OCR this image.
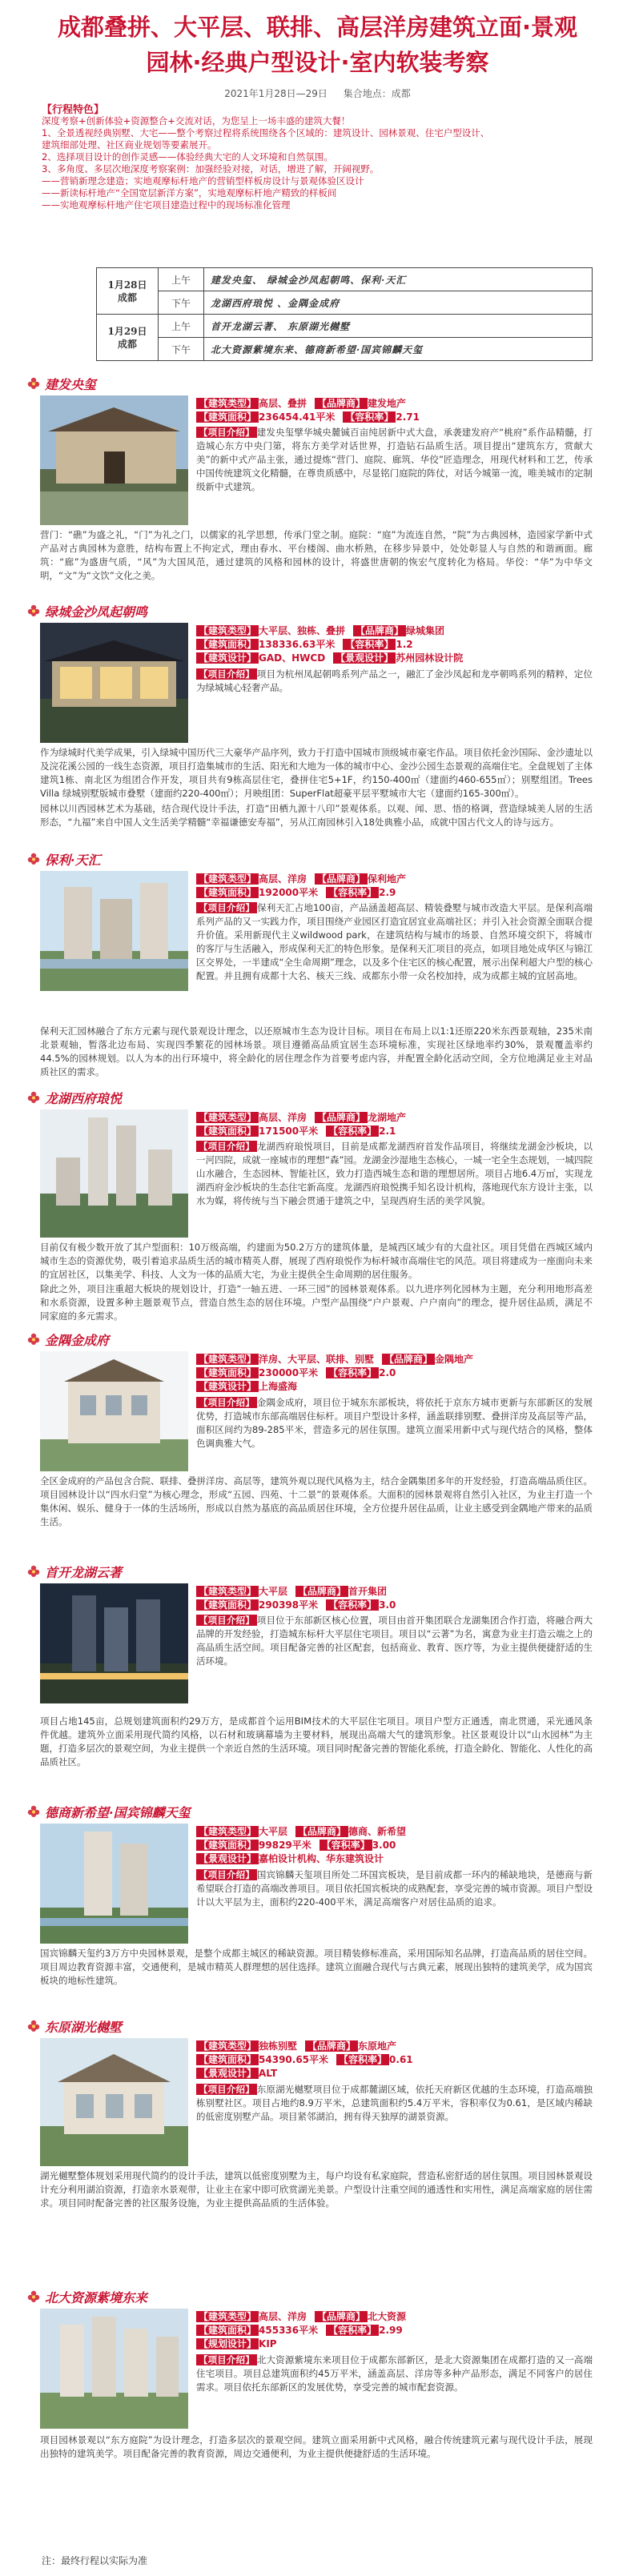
成都叠拼、大平层、联排、高层洋房建筑立面·景观
园林·经典户型设计·室内软装考察
2021年1月28日—29日 集合地点：成都
【行程特色】
深度考察+创新体验+资源整合+交流对话，为您呈上一场丰盛的建筑大餐！
1、全景透视经典别墅、大宅——整个考察过程将系统围绕各个区域的：建筑设计、园林景观、住宅户型设计、
建筑细部处理、社区商业规划等要素展开。
2、选择项目设计的创作灵感——体验经典大宅的人文环境和自然氛围。
3、多角度、多层次地深度考察案例：加强经验对接，对话，增进了解，开阔视野。
——营销新理念建造；实地观摩标杆地产的营销型样板房设计与景观体验区设计
——新读标杆地产“全国宽层新洋方案”，实地观摩标杆地产精致的样板间
——实地观摩标杆地产住宅项目建造过程中的现场标准化管理
1月28日
成都	上午	建发央玺、 绿城金沙凤起朝鸣、保利·天汇
	下午	龙湖西府琅悦 、金隅金成府
1月29日
成都	上午	首开龙湖云著、 东原湖光樾墅
	下午	北大资源紫境东来、德商新希望·国宾锦麟天玺
建发央玺
【建筑类型】 高层、叠拼 【品牌商】 建发地产
【建筑面积】 236454.41平米 【容积率】 2.71
【项目介绍】 建发央玺擘华城央麓铖百亩纯居新中式大盘，承袭建发府产“桃府”系作品精髓，打造城心东方中央门第，将东方美学对话世界，打造钻石品质生活。项目提出“建筑东方，赏献大美”的新中式产品主张，通过提炼“营门、庭院、廊筑、华佼”匠造理念，用现代材料和工艺，传承中国传统建筑文化精髓，在尊贵质感中，尽显铭门庭院的阵仗，对话今城第一流，唯美城市的定制级新中式建筑。
营门：“礁”为盛之礼，“门”为礼之门，以儒家的礼学思想，传承门堂之制。庭院：“庭”为流连自然，“院”为古典园林，造园家学新中式产品对古典园林为意胜，结构布置上不拘定式，理由春水、平台楼阁、曲水桥熟，在移步异景中，处处彰显人与自然的和谐画面。廊筑：“廊”为盛唐气质，“风”为大国风范，通过建筑的风格和园林的设计，将盛世唐朝的恢宏气度转化为格局。华佼：“华”为中华文明，“文”为“文饮”文化之美。
绿城金沙凤起朝鸣
【建筑类型】 大平层、独栋、叠拼 【品牌商】 绿城集团
【建筑面积】 138336.63平米 【容积率】 1.2
【建筑设计】 GAD、HWCD 【景观设计】 苏州园林设计院
【项目介绍】 项目为杭州凤起朝鸣系列产品之一，融汇了金沙凤起和龙亭朝鸣系列的精粹，定位为绿城城心轻奢产品。
作为绿城时代美学成果，引入绿城中国历代三大豪华产品序列，致力于打造中国城市顶级城市豪宅作品。项目依托金沙国际、金沙遗址以及浣花溪公园的一线生态资源，项目打造集城市的生活、阳光和大地为一体的城市中心、金沙公园生态景观的高端住宅。全盘规划了主体建筑1栋、南北区为组团合作开发，项目共有9栋高层住宅，叠拼住宅5+1F，约150-400㎡（建面约460-655㎡）；别墅组团。Trees Villa 绿城别墅版城市叠墅（建面约220-400㎡）；月映组团：SuperFlat超豪平层平墅城市大宅（建面约165-300㎡）。
园林以川西园林艺术为基础，结合现代设计手法，打造“田栖九源十八印”景观体系。以观、闻、思、悟的格调，营造绿城美人居的生活形态，“九福”来自中国人文生活美学精髓“幸福谦德安寿福”，另从江南园林引入18处典雅小品，成就中国古代文人的诗与远方。
保利·天汇
【建筑类型】 高层、洋房 【品牌商】 保利地产
【建筑面积】 192000平米 【容积率】 2.9
【项目介绍】 保利天汇占地100亩，产品涵盖超高层、精装叠墅与城市改造大平层。是保利高端系列产品的又一实践力作，项目围绕产业园区打造宜居宜业高端社区；并引入社会资源全面联合提升价值。采用新现代主义wildwood park，在建筑结构与城市的场景、自然环境交织下，将城市的客厅与生活融入，形成保利天汇的特色形象。是保利天汇项目的亮点，如项目地处成华区与锦江区交界处，一半建成“全生命周期”理念，以及多个住宅区的核心配置，展示出保利超大户型的核心配置。并且拥有成都十大名、核天三线、成都东小带一众名校加持，成为成都主城的宜居高地。
保利天汇园林融合了东方元素与现代景观设计理念，以还原城市生态为设计目标。项目在布局上以1:1还原220米东西景观轴，235米南北景观轴，暂落北边布局、实现四季繁花的园林场景。项目遵循高品质宜居生态环境标准，实现社区绿地率约30%，景观覆盖率约44.5%的园林规划。以人为本的出行环境中，将全龄化的居住理念作为首要考虑内容，并配置全龄化活动空间，全方位地满足业主对品质社区的需求。
龙湖西府琅悦
【建筑类型】 高层、洋房 【品牌商】 龙湖地产
【建筑面积】 171500平米 【容积率】 2.1
【项目介绍】 龙湖西府琅悦项目，目前是成都龙湖西府首发作品项目，将继续龙湖金沙板块，以一河四院，成就一座城市的理想“森”园。龙湖金沙湿地生态核心，一城一宅全生态规划，一城四院山水融合，生态园林、智能社区，致力打造西城生态和谐的理想居所。项目占地6.4万㎡，实现龙湖西府金沙板块的生态住宅新高度。龙湖西府琅悦携手知名设计机构，落地现代东方设计主张，以水为媒，将传统与当下融会贯通于建筑之中，呈现西府生活的美学风貌。
目前仅有极少数开放了其户型面积：10万级高端，约建面为50.2万方的建筑体量，是城西区域少有的大盘社区。项目凭借在西城区域内城市生态的资源优势，吸引着追求品质生活的城市精英人群，展现了西府琅悦作为标杆城市高端住宅的风范。项目将建成为一座面向未来的宜居社区，以集美学、科技、人文为一体的品质大宅，为业主提供全生命周期的居住服务。
除此之外，项目注重超大板块的规划设计，打造“一轴五进、一环三园”的园林景观体系。以九进序列化园林为主题，充分利用地形高差和水系资源，设置多种主题景观节点，营造自然生态的居住环境。户型产品围绕“户户景观、户户南向”的理念，提升居住品质，满足不同家庭的多元需求。
金隅金成府
【建筑类型】 洋房、大平层、联排、别墅 【品牌商】 金隅地产
【建筑面积】 230000平米 【容积率】 2.0
【建筑设计】 上海盛海
【项目介绍】 金隅金成府，项目位于城东东部板块，将依托于京东方城市更新与东部新区的发展优势，打造城市东部高端居住标杆。项目户型设计多样，涵盖联排别墅、叠拼洋房及高层等产品，面积区间约为89-285平米，营造多元的居住氛围。建筑立面采用新中式与现代结合的风格，整体色调典雅大气。
全区金成府的产品包含合院、联排、叠拼洋房、高层等，建筑外观以现代风格为主，结合金隅集团多年的开发经验，打造高端品质住区。项目园林设计以“四水归堂”为核心理念，形成“五园、四苑、十二景”的景观体系。大面积的园林景观将自然引入社区，为业主打造一个集休闲、娱乐、健身于一体的生活场所，形成以自然为基底的高品质居住环境，全方位提升居住品质，让业主感受到金隅地产带来的品质生活。
首开龙湖云著
【建筑类型】 大平层 【品牌商】 首开集团
【建筑面积】 290398平米 【容积率】 3.0
【项目介绍】 项目位于东部新区核心位置，项目由首开集团联合龙湖集团合作打造，将融合两大品牌的开发经验，打造城东标杆大平层住宅项目。项目以“云著”为名，寓意为业主打造云端之上的高品质生活空间。项目配备完善的社区配套，包括商业、教育、医疗等，为业主提供便捷舒适的生活环境。
项目占地145亩，总规划建筑面积约29万方，是成都首个运用BIM技术的大平层住宅项目。项目户型方正通透，南北贯通，采光通风条件优越。建筑外立面采用现代简约风格，以石材和玻璃幕墙为主要材料，展现出高端大气的建筑形象。社区景观设计以“山水园林”为主题，打造多层次的景观空间，为业主提供一个亲近自然的生活环境。项目同时配备完善的智能化系统，打造全龄化、智能化、人性化的高品质社区。
德商新希望·国宾锦麟天玺
【建筑类型】 大平层 【品牌商】 德商、新希望
【建筑面积】 99829平米 【容积率】 3.00
【景观设计】 嘉柏设计机构、华东建筑设计
【项目介绍】 国宾锦麟天玺项目所处二环国宾板块，是目前成都一环内的稀缺地块，是德商与新希望联合打造的高端改善项目。项目依托国宾板块的成熟配套，享受完善的城市资源。项目户型设计以大平层为主，面积约220-400平米，满足高端客户对居住品质的追求。
国宾锦麟天玺约3万方中央园林景观，是整个成都主城区的稀缺资源。项目精装修标准高，采用国际知名品牌，打造高品质的居住空间。项目周边教育资源丰富，交通便利，是城市精英人群理想的居住选择。建筑立面融合现代与古典元素，展现出独特的建筑美学，成为国宾板块的地标性建筑。
东原湖光樾墅
【建筑类型】 独栋别墅 【品牌商】 东原地产
【建筑面积】 54390.65平米 【容积率】 0.61
【景观设计】 ALT
【项目介绍】 东原湖光樾墅项目位于成都麓湖区域，依托天府新区优越的生态环境，打造高端独栋别墅社区。项目占地约8.9万平米，总建筑面积约5.4万平米，容积率仅为0.61，是区域内稀缺的低密度别墅产品。项目紧邻湖泊，拥有得天独厚的湖景资源。
湖光樾墅整体规划采用现代简约的设计手法，建筑以低密度别墅为主，每户均设有私家庭院，营造私密舒适的居住氛围。项目园林景观设计充分利用湖泊资源，打造亲水景观带，让业主在家中即可欣赏湖光美景。户型设计注重空间的通透性和实用性，满足高端家庭的居住需求。项目同时配备完善的社区服务设施，为业主提供高品质的生活体验。
北大资源紫境东来
【建筑类型】 高层、洋房 【品牌商】 北大资源
【建筑面积】 455336平米 【容积率】 2.99
【规划设计】 KIP
【项目介绍】 北大资源紫境东来项目位于成都东部新区，是北大资源集团在成都打造的又一高端住宅项目。项目总建筑面积约45万平米，涵盖高层、洋房等多种产品形态，满足不同客户的居住需求。项目依托东部新区的发展优势，享受完善的城市配套资源。
项目园林景观以“东方庭院”为设计理念，打造多层次的景观空间。建筑立面采用新中式风格，融合传统建筑元素与现代设计手法，展现出独特的建筑美学。项目配备完善的教育资源，周边交通便利，为业主提供便捷舒适的生活环境。
注：最终行程以实际为准
